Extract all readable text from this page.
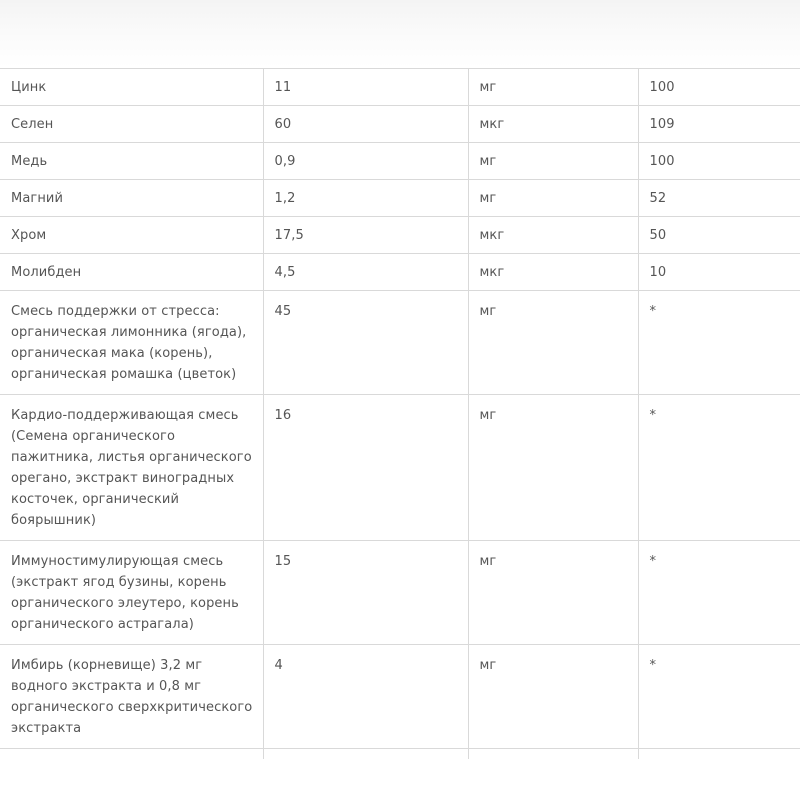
Цинк	11	мг	100
Селен	60	мкг	109
Медь	0,9	мг	100
Магний	1,2	мг	52
Хром	17,5	мкг	50
Молибден	4,5	мкг	10
Смесь поддержки от стресса: органическая лимонника (ягода), органическая мака (корень), органическая ромашка (цветок)	45	мг	*
Кардио-поддерживающая смесь (Семена органического пажитника, листья органического орегано, экстракт виноградных косточек, органический боярышник)	16	мг	*
Иммуностимулирующая смесь (экстракт ягод бузины, корень органического элеутеро, корень органического астрагала)	15	мг	*
Имбирь (корневище) 3,2 мг водного экстракта и 0,8 мг органического сверхкритического экстракта	4	мг	*
